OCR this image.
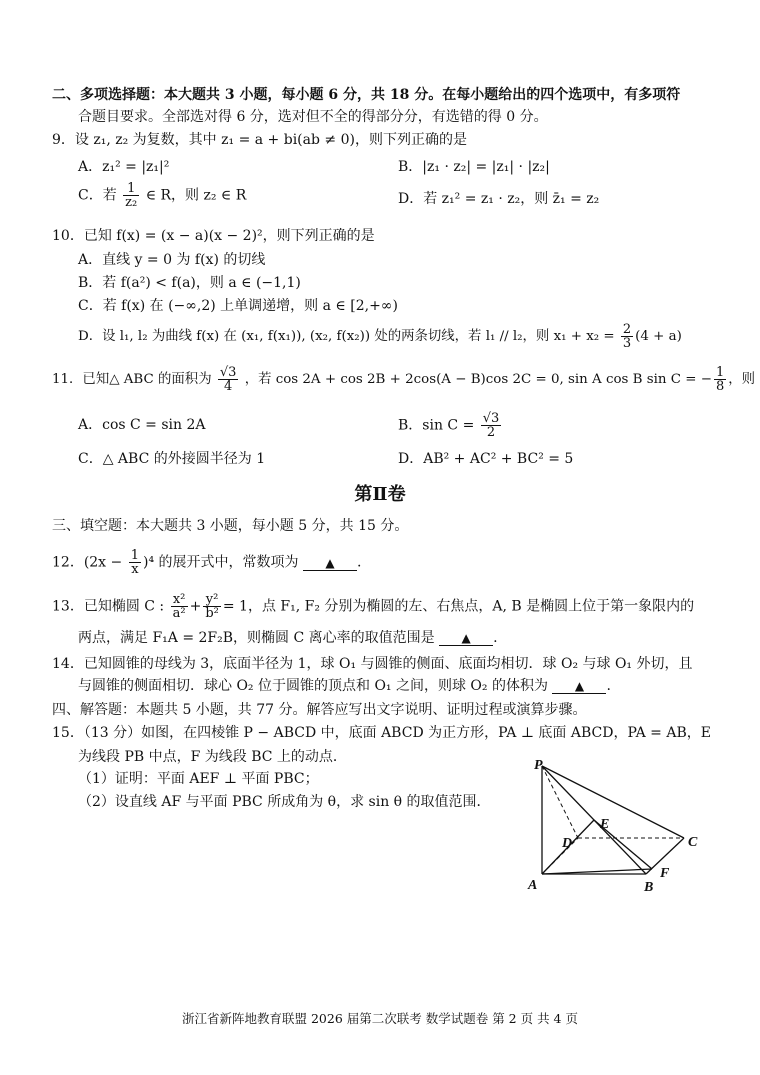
二、多项选择题：本大题共 3 小题，每小题 6 分，共 18 分。在每小题给出的四个选项中，有多项符
合题目要求。全部选对得 6 分，选对但不全的得部分分，有选错的得 0 分。
9．设 z₁, z₂ 为复数，其中 z₁ = a + bi(ab ≠ 0)，则下列正确的是
A．z₁² = |z₁|²	B．|z₁ · z₂| = |z₁| · |z₂|
C．若 $\frac{1}{\text{z₂}}$ ∈ R，则 z₂ ∈ R	D．若 z₁² = z₁ · z₂，则 z̄₁ = z₂
10．已知 f(x) = (x − a)(x − 2)²，则下列正确的是
A．直线 y = 0 为 f(x) 的切线
B．若 f(a²) < f(a)，则 a ∈ (−1,1)
C．若 f(x) 在 (−∞,2) 上单调递增，则 a ∈ [2,+∞)
D．设 l₁, l₂ 为曲线 f(x) 在 (x₁, f(x₁)), (x₂, f(x₂)) 处的两条切线，若 l₁ // l₂，则 $x_1 + x_2 = \frac{2}{3} (4 + a)$
11．已知△ ABC 的面积为 $\frac{√3}{4}$ ，若 cos 2A + cos 2B + 2cos(A − B)cos 2C = 0, sin A cos B sin C = − $\frac{1}{8}$ ，则
A．cos C = sin 2A	B．$\sin C = \frac{√3}{2}$
C．△ ABC 的外接圆半径为 1	D．AB² + AC² + BC² = 5
第Ⅱ卷
三、填空题：本大题共 3 小题，每小题 5 分，共 15 分。
12．$(2x - \frac{1}{x} )^4$ 的展开式中，常数项为 ▲ .
13．已知椭圆 C : $\frac{\text{x²}}{\text{a²}} + \frac{\text{y²}}{\text{b²}} = 1$，点 F₁, F₂ 分别为椭圆的左、右焦点，A, B 是椭圆上位于第一象限内的
两点，满足 F₁A = 2F₂B，则椭圆 C 离心率的取值范围是 ▲ .
14．已知圆锥的母线为 3，底面半径为 1，球 O₁ 与圆锥的侧面、底面均相切．球 O₂ 与球 O₁ 外切，且
与圆锥的侧面相切．球心 O₂ 位于圆锥的顶点和 O₁ 之间，则球 O₂ 的体积为 ▲ .
四、解答题：本题共 5 小题，共 77 分。解答应写出文字说明、证明过程或演算步骤。
15．（13 分）如图，在四棱锥 P − ABCD 中，底面 ABCD 为正方形，PA ⊥ 底面 ABCD，PA = AB，E
为线段 PB 中点，F 为线段 BC 上的动点．
（1）证明：平面 AEF ⊥ 平面 PBC；
（2）设直线 AF 与平面 PBC 所成角为 θ，求 sin θ 的取值范围．
P
A	B
C
D
E
F
浙江省新阵地教育联盟 2026 届第二次联考 数学试题卷 第 2 页 共 4 页
